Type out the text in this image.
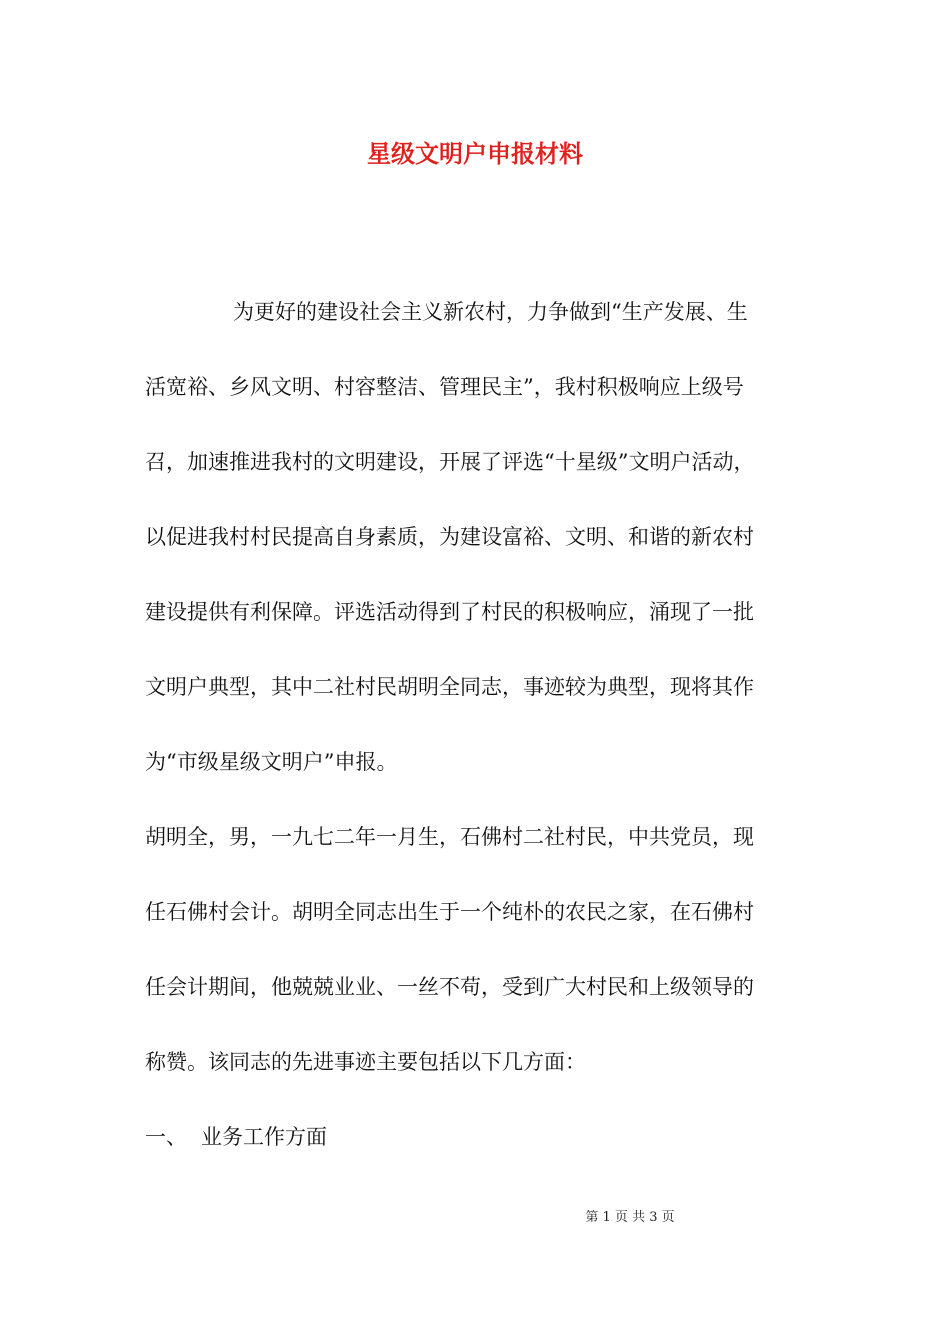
星级文明户申报材料
为更好的建设社会主义新农村，力争做到“生产发展、生
活宽裕、乡风文明、村容整洁、管理民主”，我村积极响应上级号
召，加速推进我村的文明建设，开展了评选“十星级”文明户活动，
以促进我村村民提高自身素质，为建设富裕、文明、和谐的新农村
建设提供有利保障。评选活动得到了村民的积极响应，涌现了一批
文明户典型，其中二社村民胡明全同志，事迹较为典型，现将其作
为“市级星级文明户”申报。
胡明全，男，一九七二年一月生，石佛村二社村民，中共党员，现
任石佛村会计。胡明全同志出生于一个纯朴的农民之家，在石佛村
任会计期间，他兢兢业业、一丝不苟，受到广大村民和上级领导的
称赞。该同志的先进事迹主要包括以下几方面：
一、 业务工作方面
第 1 页 共 3 页
